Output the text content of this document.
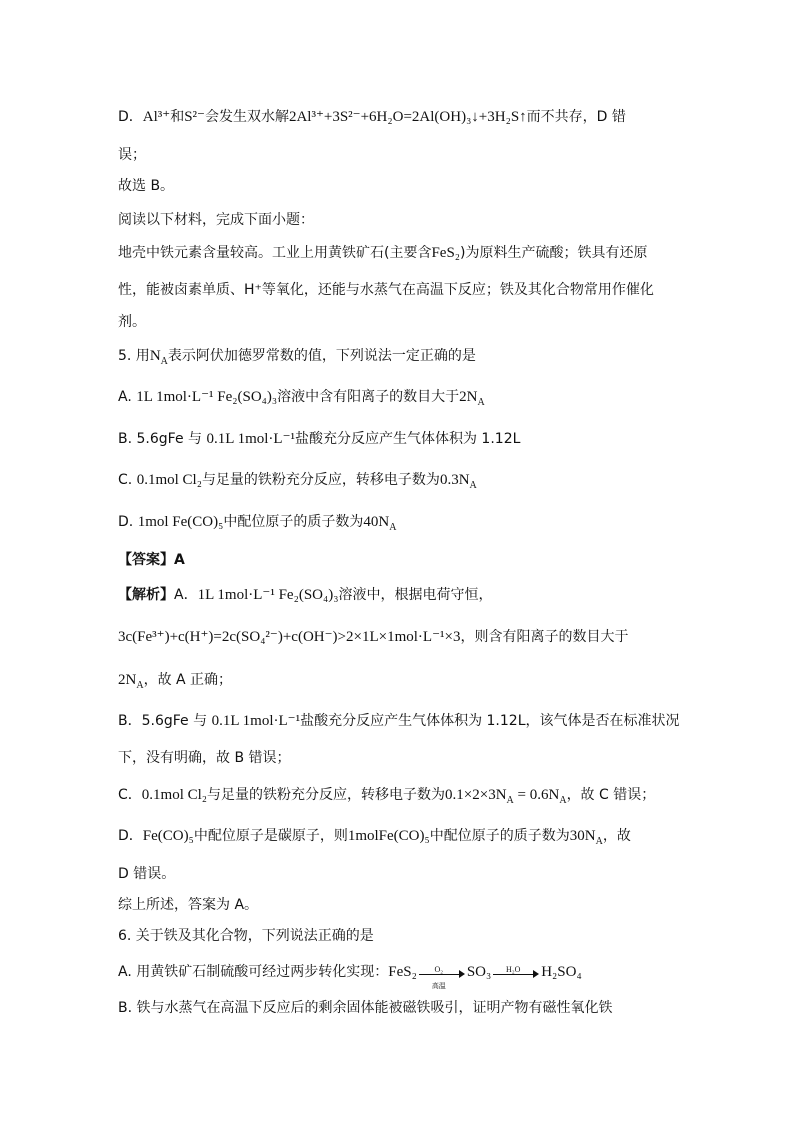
D．Al³⁺和S²⁻会发生双水解2Al³⁺+3S²⁻+6H₂O=2Al(OH)₃↓+3H₂S↑而不共存，D 错
误；
故选 B。
阅读以下材料，完成下面小题：
地壳中铁元素含量较高。工业上用黄铁矿石(主要含FeS₂)为原料生产硫酸；铁具有还原
性，能被卤素单质、H⁺等氧化，还能与水蒸气在高温下反应；铁及其化合物常用作催化
剂。
5. 用$N_A$表示阿伏加德罗常数的值，下列说法一定正确的是
A. 1L 1mol·L⁻¹ Fe₂(SO₄)₃溶液中含有阳离子的数目大于$2N_A$
B. 5.6gFe 与 0.1L 1mol·L⁻¹盐酸充分反应产生气体体积为 1.12L
C. 0.1mol Cl₂与足量的铁粉充分反应，转移电子数为$0.3N_A$
D. 1mol Fe(CO)₅中配位原子的质子数为$40N_A$
【答案】A
【解析】A．1L 1mol·L⁻¹ Fe₂(SO₄)₃溶液中，根据电荷守恒，
3c(Fe³⁺)+c(H⁺)=2c(SO₄²⁻)+c(OH⁻)>2×1L×1mol·L⁻¹×3，则含有阳离子的数目大于
$2N_A$，故 A 正确；
B．5.6gFe 与 0.1L 1mol·L⁻¹盐酸充分反应产生气体体积为 1.12L，该气体是否在标准状况
下，没有明确，故 B 错误；
C．0.1mol Cl₂与足量的铁粉充分反应，转移电子数为$0.1\times 2\times 3N_A = 0.6N_A$，故 C 错误；
D．Fe(CO)₅中配位原子是碳原子，则1molFe(CO)₅中配位原子的质子数为$30N_A$，故
D 错误。
综上所述，答案为 A。
6. 关于铁及其化合物，下列说法正确的是
A. 用黄铁矿石制硫酸可经过两步转化实现：FeS₂	O₂
高温
SO₃	H₂O	H₂SO₄
B. 铁与水蒸气在高温下反应后的剩余固体能被磁铁吸引，证明产物有磁性氧化铁
